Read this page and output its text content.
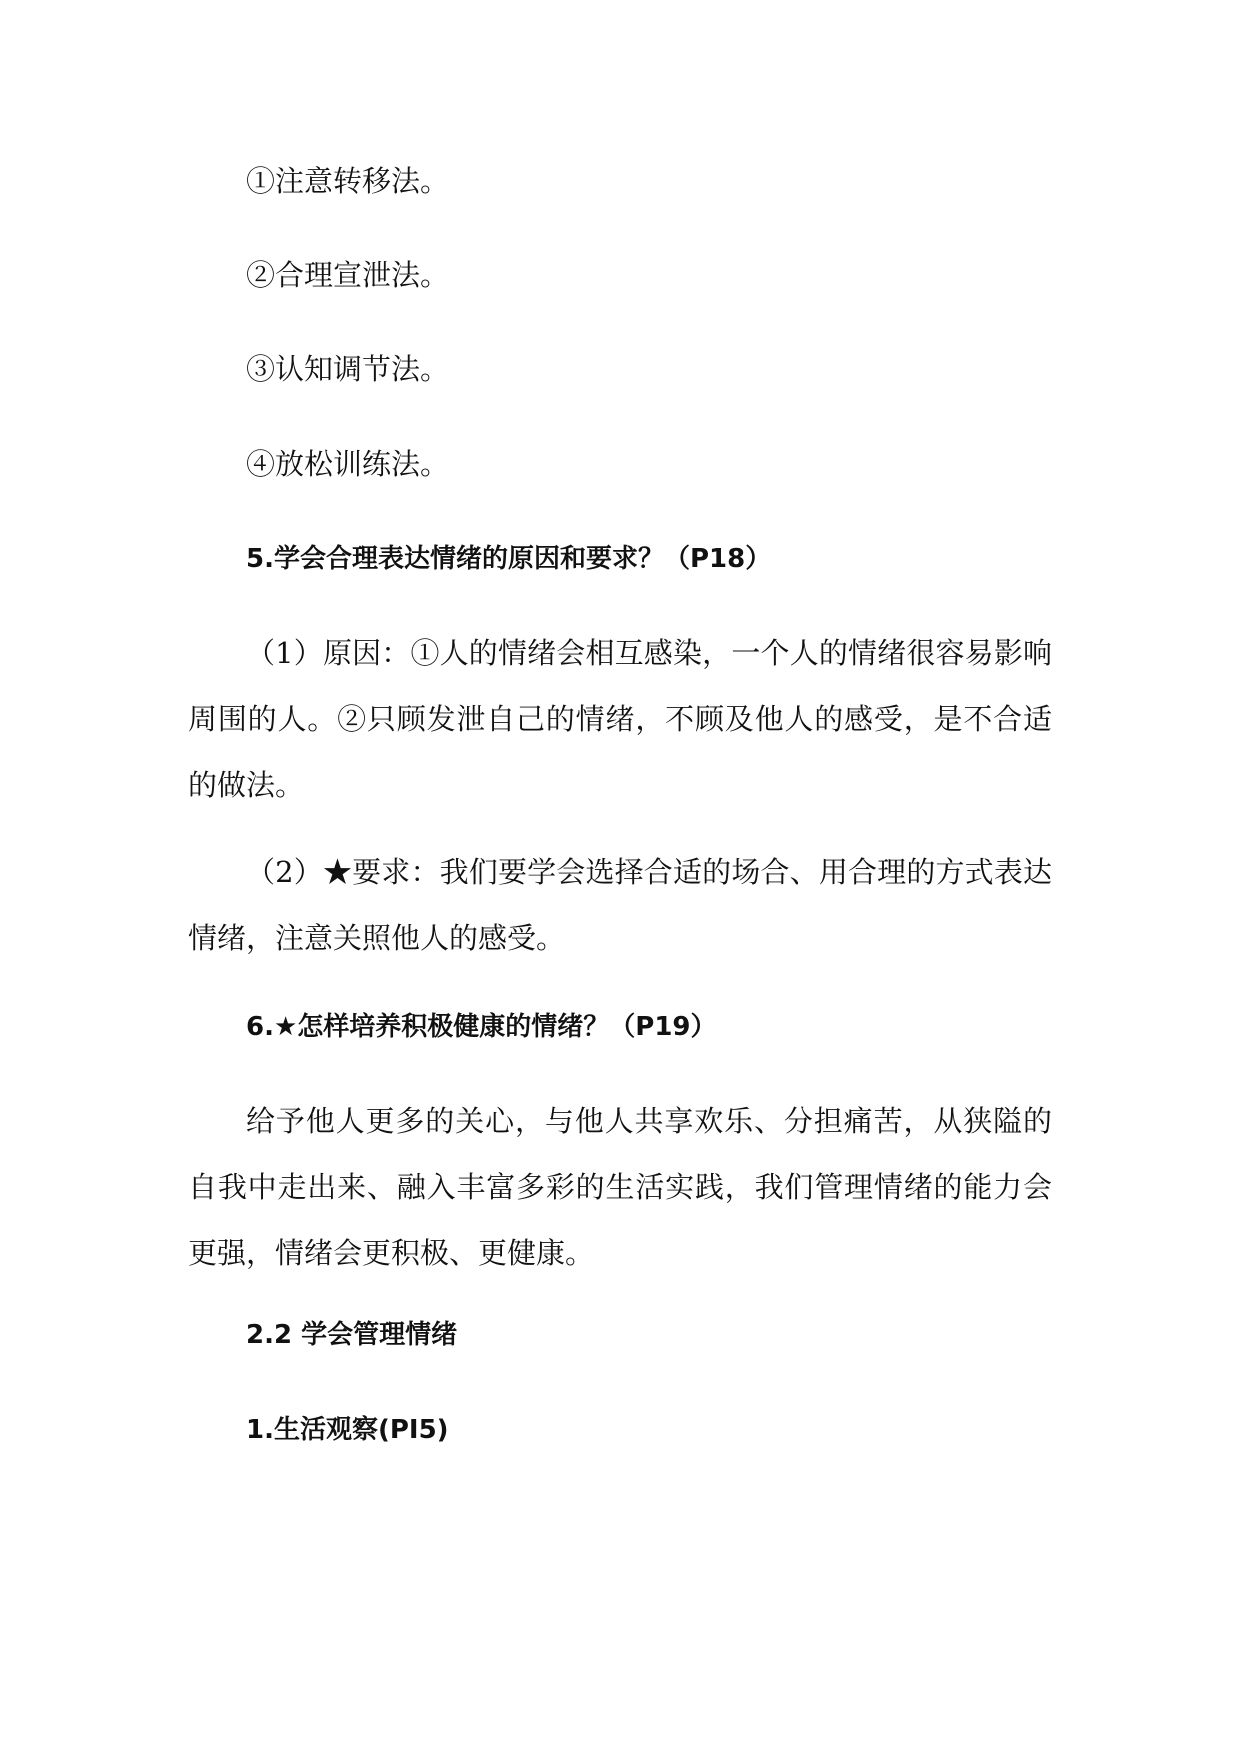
①注意转移法。
②合理宣泄法。
③认知调节法。
④放松训练法。
5.学会合理表达情绪的原因和要求？（P18）
（1）原因：①人的情绪会相互感染，一个人的情绪很容易影响周围的人。②只顾发泄自己的情绪，不顾及他人的感受，是不合适的做法。
（2）★要求：我们要学会选择合适的场合、用合理的方式表达情绪，注意关照他人的感受。
6.★怎样培养积极健康的情绪？（P19）
给予他人更多的关心，与他人共享欢乐、分担痛苦，从狭隘的自我中走出来、融入丰富多彩的生活实践，我们管理情绪的能力会更强，情绪会更积极、更健康。
2.2 学会管理情绪
1.生活观察(PI5)
